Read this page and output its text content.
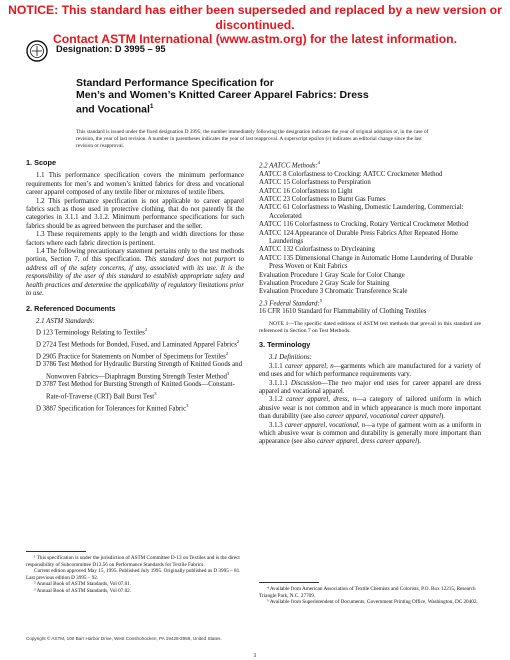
NOTICE: This standard has either been superseded and replaced by a new version or discontinued.
Contact ASTM International (www.astm.org) for the latest information.
Designation: D 3995 – 95
Standard Performance Specification for
Men’s and Women’s Knitted Career Apparel Fabrics: Dress
and Vocational$^1$
This standard is issued under the fixed designation D 3995; the number immediately following the designation indicates the year of original adoption or, in the case of revision, the year of last revision. A number in parentheses indicates the year of last reapproval. A superscript epsilon (ε) indicates an editorial change since the last revision or reapproval.
1. Scope

1.1 This performance specification covers the minimum performance requirements for men’s and women’s knitted fabrics for dress and vocational career apparel composed of any textile fiber or mixtures of textile fibers.

1.2 This performance specification is not applicable to career apparel fabrics such as those used in protective clothing, that do not patently fit the categories in 3.1.1 and 3.1.2. Minimum performance specifications for such fabrics should be as agreed between the purchaser and the seller.

1.3 These requirements apply to the length and width directions for those factors where each fabric direction is pertinent.

1.4 The following precautionary statement pertains only to the test methods portion, Section 7, of this specification. This standard does not purport to address all of the safety concerns, if any, associated with its use. It is the responsibility of the user of this standard to establish appropriate safety and health practices and determine the applicability of regulatory limitations prior to use.

2. Referenced Documents

2.1 ASTM Standards:

D 123 Terminology Relating to Textiles$^2$

D 2724 Test Methods for Bonded, Fused, and Laminated Apparel Fabrics$^2$

D 2905 Practice for Statements on Number of Specimens for Textiles$^2$

D 3786 Test Method for Hydraulic Bursting Strength of Knitted Goods and Nonwoven Fabrics—Diaphragm Bursting Strength Tester Method$^3$

D 3787 Test Method for Bursting Strength of Knitted Goods—Constant-Rate-of-Traverse (CRT) Ball Burst Test$^3$

D 3887 Specification for Tolerances for Knitted Fabric$^3$

¹ This specification is under the jurisdiction of ASTM Committee D-13 on Textiles and is the direct responsibility of Subcommittee D13.56 on Performance Standards for Textile Fabrics.

Current edition approved May 15, 1995. Published July 1995. Originally published as D 3995 – 81. Last previous edition D 3995 – 92.

² Annual Book of ASTM Standards, Vol 07.01.

³ Annual Book of ASTM Standards, Vol 07.02.

2.2 AATCC Methods:$^4$

AATCC 8 Colorfastness to Crocking: AATCC Crockmeter Method

AATCC 15 Colorfastness to Perspiration

AATCC 16 Colorfastness to Light

AATCC 23 Colorfastness to Burnt Gas Fumes

AATCC 61 Colorfastness to Washing, Domestic Laundering, Commercial: Accelerated

AATCC 116 Colorfastness to Crocking, Rotary Vertical Crockmeter Method

AATCC 124 Appearance of Durable Press Fabrics After Repeated Home Launderings

AATCC 132 Colorfastness to Drycleaning

AATCC 135 Dimensional Change in Automatic Home Laundering of Durable Press Woven or Knit Fabrics

Evaluation Procedure 1 Gray Scale for Color Change

Evaluation Procedure 2 Gray Scale for Staining

Evaluation Procedure 3 Chromatic Transference Scale

2.3 Federal Standard:$^5$

16 CFR 1610 Standard for Flammability of Clothing Textiles

NOTE 1—The specific dated editions of ASTM test methods that prevail in this standard are referenced in Section 7 on Test Methods.

3. Terminology

3.1 Definitions:

3.1.1 career apparel, n—garments which are manufactured for a variety of end uses and for which performance requirements vary.

3.1.1.1 Discussion—The two major end uses for career apparel are dress apparel and vocational apparel.

3.1.2 career apparel, dress, n—a category of tailored uniform in which abusive wear is not common and in which appearance is much more important than durability (see also career apparel, vocational career apparel).

3.1.3 career apparel, vocational, n—a type of garment worn as a uniform in which abusive wear is common and durability is generally more important than appearance (see also career apparel, dress career apparel).

⁴ Available from American Association of Textile Chemists and Colorists, P.O. Box 12215, Research Triangle Park, N.C. 27709.

⁵ Available from Superintendent of Documents, Government Printing Office, Washington, DC 20402.

Copyright © ASTM, 100 Barr Harbor Drive, West Conshohocken, PA 19428-2959, United States.
1
